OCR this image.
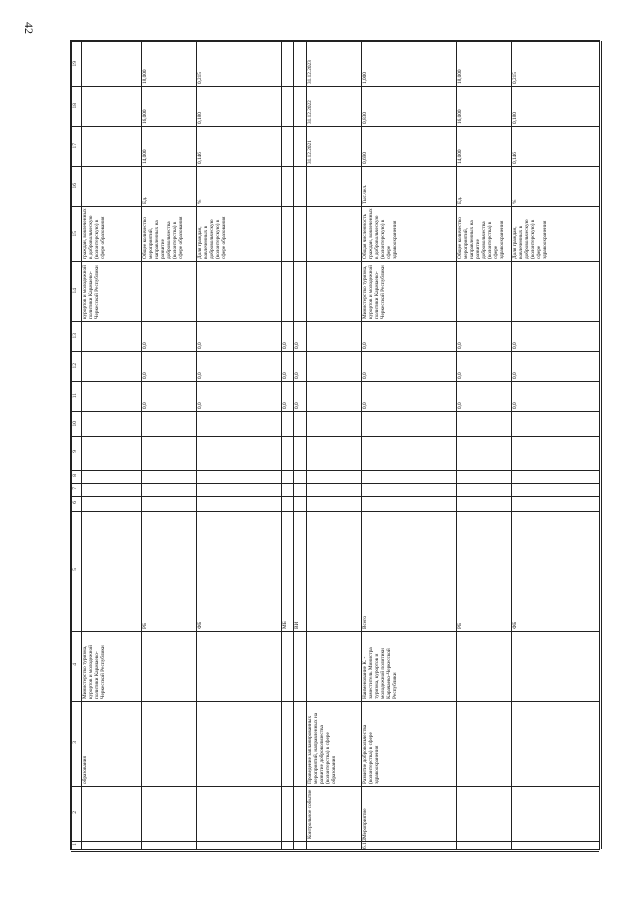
42
1
2
3
4
5
6
7
8
9
10
11
12
13
14
15
16
17
18
19
образования
Министерство туризма, курортов и молодежной политики Карачаево-Черкесской Республики
курортов и молодежной политики Карачаево-Черкесской Республики
граждан, вовлеченных в добровольческую (волонтерскую) в сфере образования
РБ
0,0
0,0
0,0
Общее количество мероприятий, направленных на развитие добровольчества (волонтерства) в сфере образования
Ед.
14,000
16,000
18,000
ФБ
0,0
0,0
0,0
Доля граждан, вовлеченных в добровольческую (волонтерскую) в сфере образования
%
0,146
0,180
0,215
МБ
0,0
0,0
0,0
ВИ
0,0
0,0
0,0
Контрольное событие
Проведение запланированных мероприятий, направленных на развитие добровольчества (волонтерства) в сфере образования
31.12.2021
31.12.2022
31.12.2023
6.1.2
Мероприятие
Развитие добровольчества (волонтерства) в сфере здравоохранения
Наименование К. - заместитель Министра туризма, курортов и молодежной политики Карачаево-Черкесской Республики
Всего
0,0
0,0
0,0
Министерство туризма, курортов и молодежной политики Карачаево-Черкесской Республики
Общая численность граждан, вовлеченных в добровольческую (волонтерскую) в сфере здравоохранения
Тыс.чел.
0,690
0,830
1,000
РБ
0,0
0,0
0,0
Общее количество мероприятий, направленных на развитие добровольчества (волонтерства) в сфере здравоохранения
Ед.
14,000
16,000
18,000
ФБ
0,0
0,0
0,0
Доля граждан, вовлеченных в добровольческую (волонтерскую) в сфере здравоохранения
%
0,146
0,180
0,215
